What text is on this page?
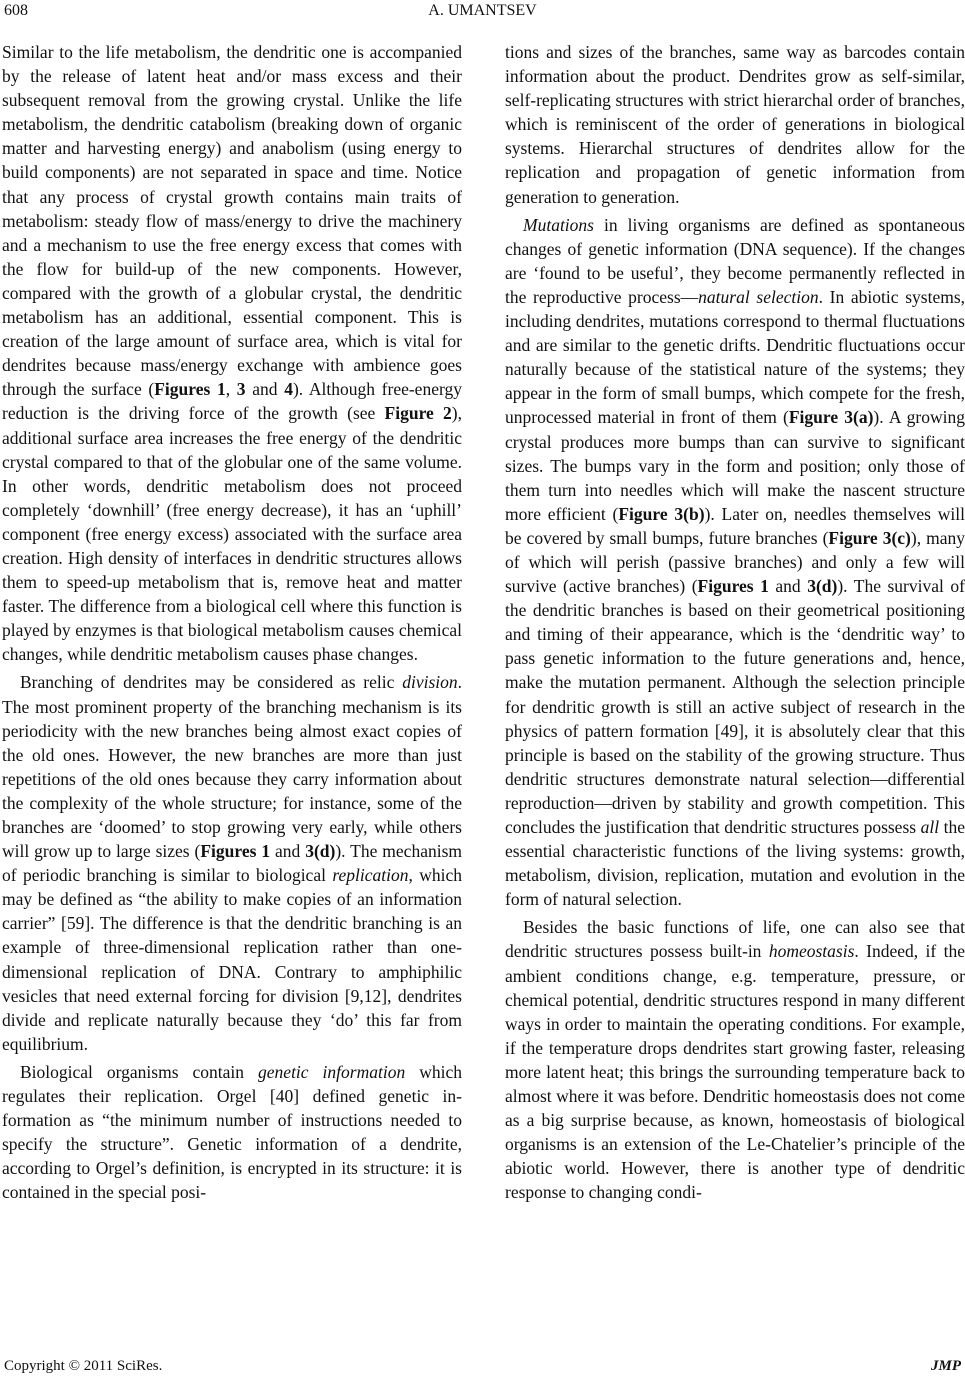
608	A. UMANTSEV

Similar to the life metabolism, the dendritic one is accompanied by the release of latent heat and/or mass excess and their subsequent removal from the growing crystal. Unlike the life metabolism, the dendritic catabolism (breaking down of organic matter and harvesting energy) and anabolism (using energy to build components) are not separated in space and time. Notice that any process of crystal growth contains main traits of metabolism: steady flow of mass/energy to drive the machinery and a mechanism to use the free energy excess that comes with the flow for build-up of the new components. However, compared with the growth of a globular crystal, the dendritic metabolism has an additional, essential component. This is creation of the large amount of surface area, which is vital for dendrites because mass/energy exchange with ambience goes through the surface (Figures 1, 3 and 4). Although free-energy reduction is the driving force of the growth (see Figure 2), additional surface area increases the free energy of the dendritic crystal compared to that of the globular one of the same volume. In other words, dendritic metabolism does not proceed completely ‘downhill’ (free energy decrease), it has an ‘uphill’ component (free energy excess) associated with the surface area creation. High density of interfaces in dendritic structures allows them to speed-up metabolism that is, remove heat and matter faster. The difference from a biological cell where this function is played by enzymes is that biological metabolism causes chemical changes, while dendritic metabolism causes phase changes.

Branching of dendrites may be considered as relic division. The most prominent property of the branching mechanism is its periodicity with the new branches being almost exact copies of the old ones. However, the new branches are more than just repetitions of the old ones because they carry information about the complexity of the whole structure; for instance, some of the branches are ‘doomed’ to stop growing very early, while others will grow up to large sizes (Figures 1 and 3(d)). The mechanism of periodic branching is similar to biological replication, which may be defined as “the ability to make copies of an information carrier” [59]. The difference is that the dendritic branching is an example of three-dimensional replication rather than one-dimensional replication of DNA. Contrary to amphiphilic vesicles that need external forcing for division [9,12], dendrites divide and replicate naturally because they ‘do’ this far from equilibrium.

Biological organisms contain genetic information which regulates their replication. Orgel [40] defined genetic in- formation as “the minimum number of instructions needed to specify the structure”. Genetic information of a dendrite, according to Orgel’s definition, is encrypted in its structure: it is contained in the special posi-

tions and sizes of the branches, same way as barcodes contain information about the product. Dendrites grow as self-similar, self-replicating structures with strict hierarchal order of branches, which is reminiscent of the order of generations in biological systems. Hierarchal structures of dendrites allow for the replication and propagation of genetic information from generation to generation.

Mutations in living organisms are defined as spontaneous changes of genetic information (DNA sequence). If the changes are ‘found to be useful’, they become permanently reflected in the reproductive process—natural selection. In abiotic systems, including dendrites, mutations correspond to thermal fluctuations and are similar to the genetic drifts. Dendritic fluctuations occur naturally because of the statistical nature of the systems; they appear in the form of small bumps, which compete for the fresh, unprocessed material in front of them (Figure 3(a)). A growing crystal produces more bumps than can survive to significant sizes. The bumps vary in the form and position; only those of them turn into needles which will make the nascent structure more efficient (Figure 3(b)). Later on, needles themselves will be covered by small bumps, future branches (Figure 3(c)), many of which will perish (passive branches) and only a few will survive (active branches) (Figures 1 and 3(d)). The survival of the dendritic branches is based on their geometrical positioning and timing of their appearance, which is the ‘dendritic way’ to pass genetic information to the future generations and, hence, make the mutation permanent. Although the selection principle for dendritic growth is still an active subject of research in the physics of pattern formation [49], it is absolutely clear that this principle is based on the stability of the growing structure. Thus dendritic structures demonstrate natural selection—differential reproduction—driven by stability and growth competition. This concludes the justification that dendritic structures possess all the essential characteristic functions of the living systems: growth, metabolism, division, replication, mutation and evolution in the form of natural selection.

Besides the basic functions of life, one can also see that dendritic structures possess built-in homeostasis. Indeed, if the ambient conditions change, e.g. temperature, pressure, or chemical potential, dendritic structures respond in many different ways in order to maintain the operating conditions. For example, if the temperature drops dendrites start growing faster, releasing more latent heat; this brings the surrounding temperature back to almost where it was before. Dendritic homeostasis does not come as a big surprise because, as known, homeostasis of biological organisms is an extension of the Le-Chatelier’s principle of the abiotic world. However, there is another type of dendritic response to changing condi-

Copyright © 2011 SciRes.	JMP
